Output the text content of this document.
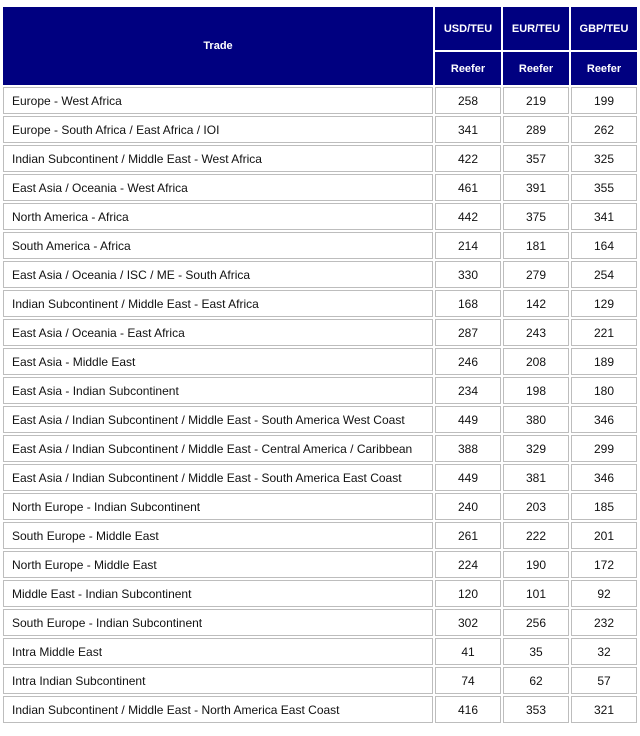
Trade	USD/TEU	EUR/TEU	GBP/TEU
	Reefer	Reefer	Reefer
Europe - West Africa	258	219	199
Europe - South Africa / East Africa / IOI	341	289	262
Indian Subcontinent / Middle East - West Africa	422	357	325
East Asia / Oceania - West Africa	461	391	355
North America - Africa	442	375	341
South America - Africa	214	181	164
East Asia / Oceania / ISC / ME - South Africa	330	279	254
Indian Subcontinent / Middle East - East Africa	168	142	129
East Asia / Oceania - East Africa	287	243	221
East Asia - Middle East	246	208	189
East Asia - Indian Subcontinent	234	198	180
East Asia / Indian Subcontinent / Middle East - South America West Coast	449	380	346
East Asia / Indian Subcontinent / Middle East - Central America / Caribbean	388	329	299
East Asia / Indian Subcontinent / Middle East - South America East Coast	449	381	346
North Europe - Indian Subcontinent	240	203	185
South Europe - Middle East	261	222	201
North Europe - Middle East	224	190	172
Middle East - Indian Subcontinent	120	101	92
South Europe - Indian Subcontinent	302	256	232
Intra Middle East	41	35	32
Intra Indian Subcontinent	74	62	57
Indian Subcontinent / Middle East - North America East Coast	416	353	321
